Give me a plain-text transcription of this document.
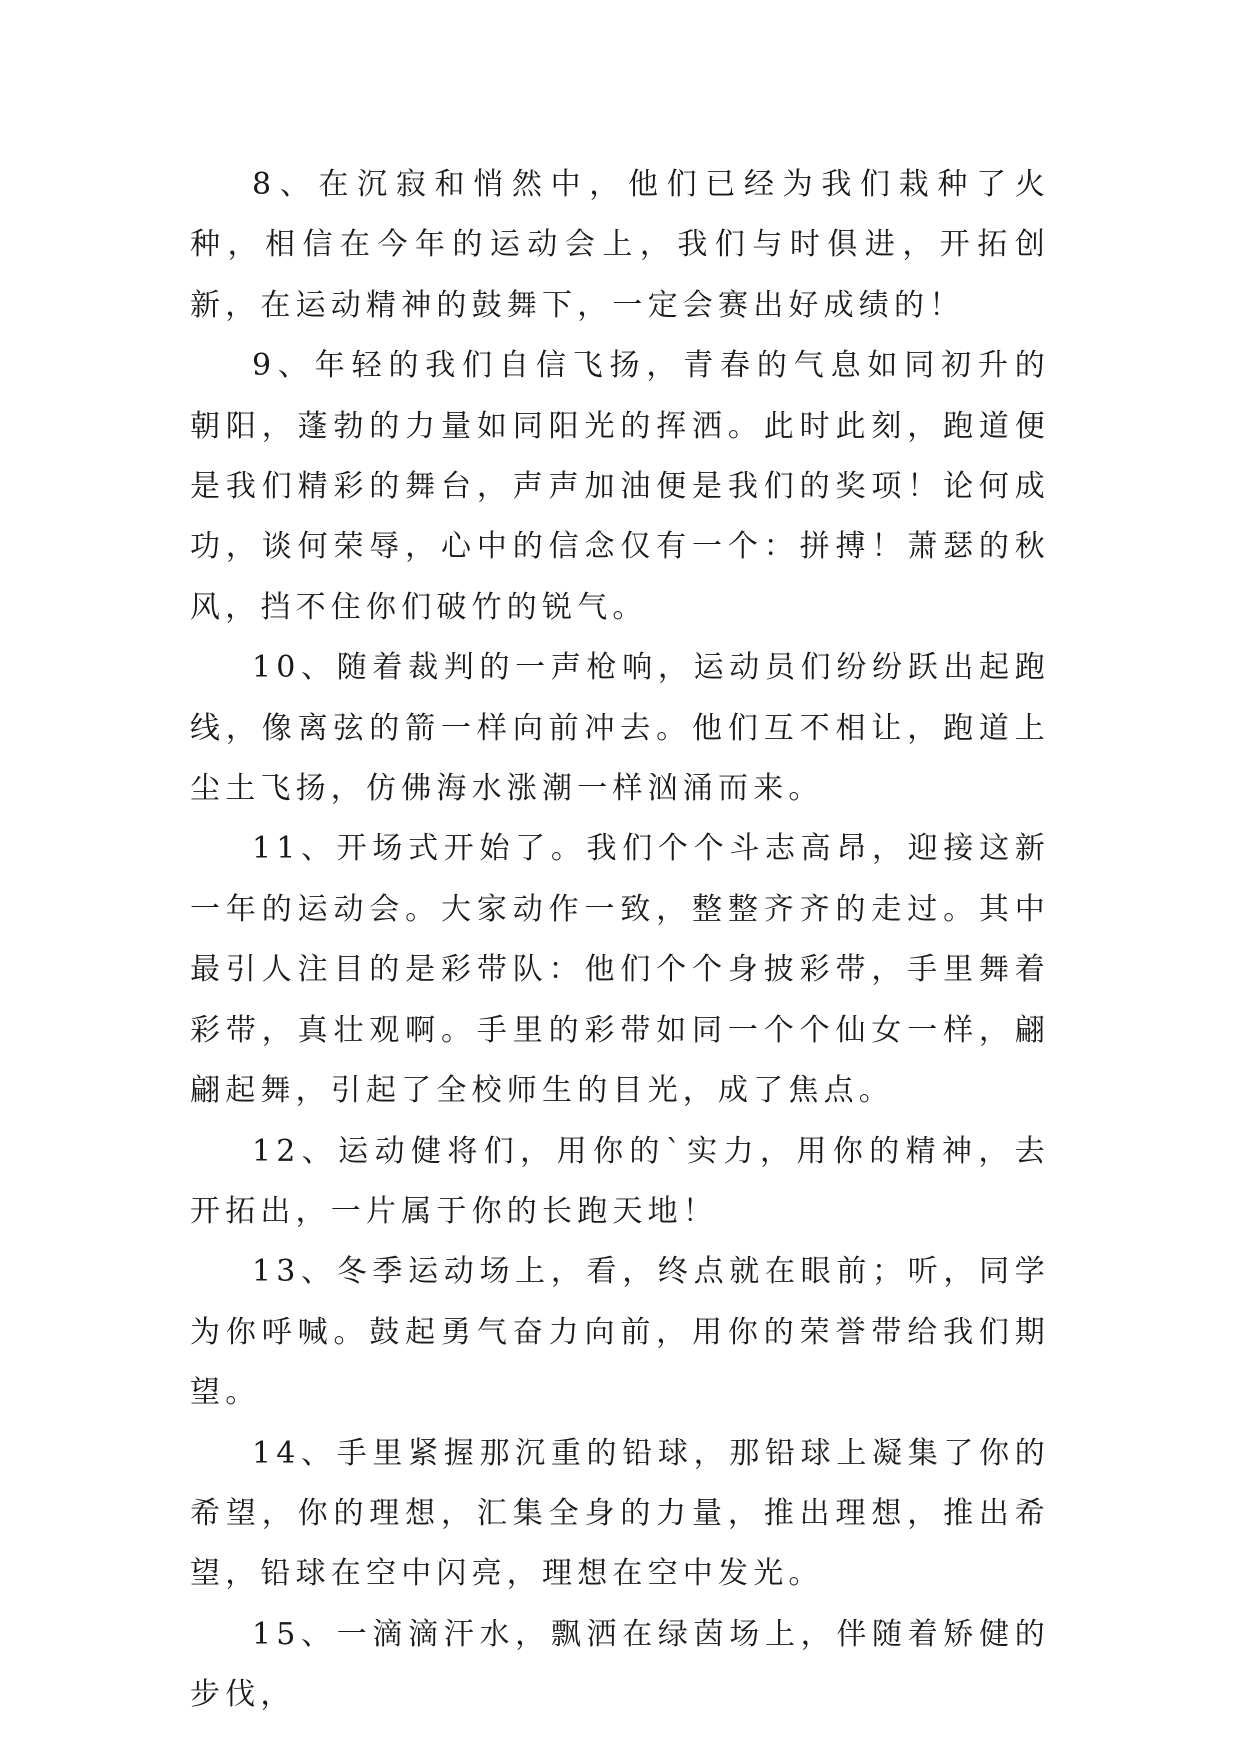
8、在沉寂和悄然中，他们已经为我们栽种了火种，相信在今年的运动会上，我们与时俱进，开拓创新，在运动精神的鼓舞下，一定会赛出好成绩的！

9、年轻的我们自信飞扬，青春的气息如同初升的朝阳，蓬勃的力量如同阳光的挥洒。此时此刻，跑道便是我们精彩的舞台，声声加油便是我们的奖项！论何成功，谈何荣辱，心中的信念仅有一个：拼搏！萧瑟的秋风，挡不住你们破竹的锐气。

10、随着裁判的一声枪响，运动员们纷纷跃出起跑线，像离弦的箭一样向前冲去。他们互不相让，跑道上尘土飞扬，仿佛海水涨潮一样汹涌而来。

11、开场式开始了。我们个个斗志高昂，迎接这新一年的运动会。大家动作一致，整整齐齐的走过。其中最引人注目的是彩带队：他们个个身披彩带，手里舞着彩带，真壮观啊。手里的彩带如同一个个仙女一样，翩翩起舞，引起了全校师生的目光，成了焦点。

12、运动健将们，用你的`实力，用你的精神，去开拓出，一片属于你的长跑天地！

13、冬季运动场上，看，终点就在眼前；听，同学为你呼喊。鼓起勇气奋力向前，用你的荣誉带给我们期望。

14、手里紧握那沉重的铅球，那铅球上凝集了你的希望，你的理想，汇集全身的力量，推出理想，推出希望，铅球在空中闪亮，理想在空中发光。

15、一滴滴汗水，飘洒在绿茵场上，伴随着矫健的步伐，
